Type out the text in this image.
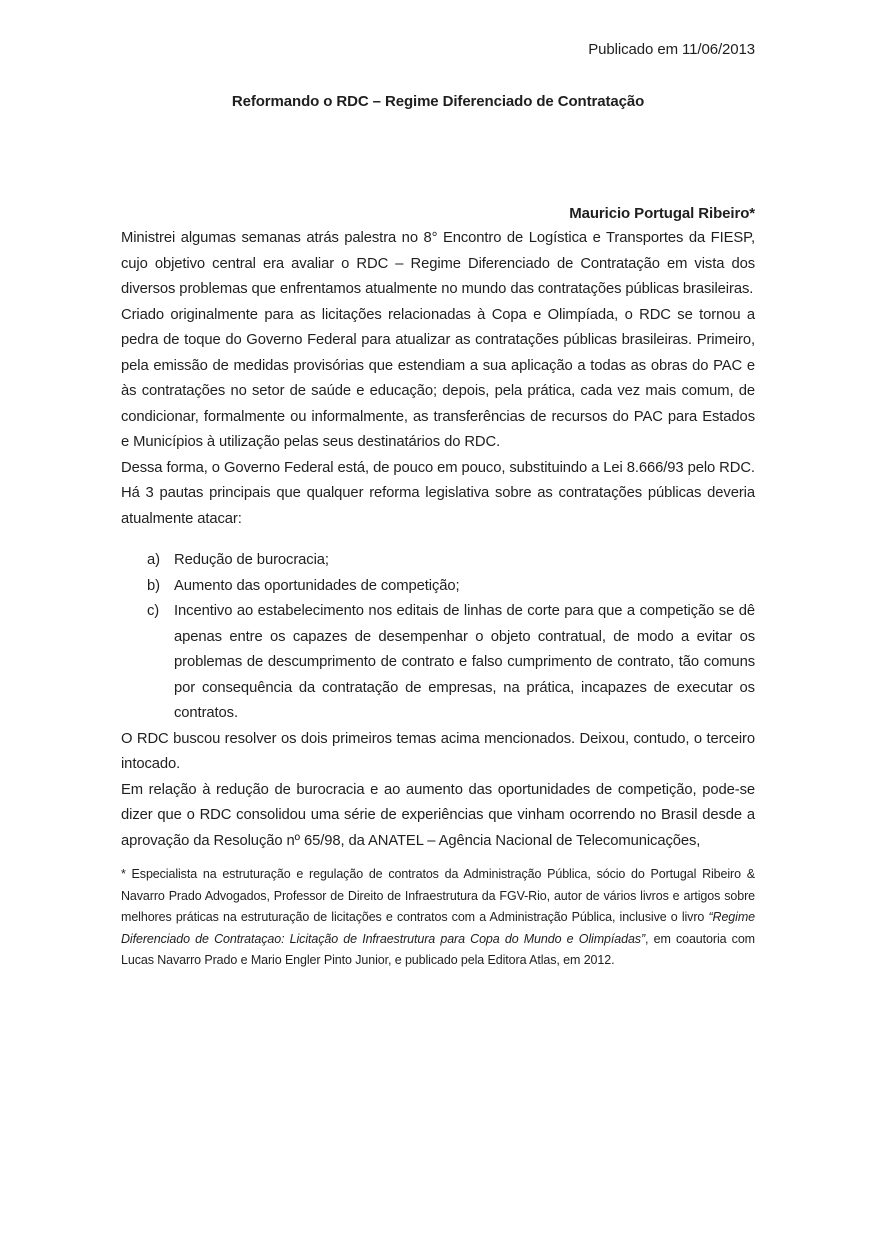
Publicado em 11/06/2013
Reformando o RDC – Regime Diferenciado de Contratação
Mauricio Portugal Ribeiro*

Ministrei algumas semanas atrás palestra no 8° Encontro de Logística e Transportes da FIESP, cujo objetivo central era avaliar o RDC – Regime Diferenciado de Contratação em vista dos diversos problemas que enfrentamos atualmente no mundo das contratações públicas brasileiras.

Criado originalmente para as licitações relacionadas à Copa e Olimpíada, o RDC se tornou a pedra de toque do Governo Federal para atualizar as contratações públicas brasileiras. Primeiro, pela emissão de medidas provisórias que estendiam a sua aplicação a todas as obras do PAC e às contratações no setor de saúde e educação; depois, pela prática, cada vez mais comum, de condicionar, formalmente ou informalmente, as transferências de recursos do PAC para Estados e Municípios à utilização pelas seus destinatários do RDC.

Dessa forma, o Governo Federal está, de pouco em pouco, substituindo a Lei 8.666/93 pelo RDC.

Há 3 pautas principais que qualquer reforma legislativa sobre as contratações públicas deveria atualmente atacar:

a) Redução de burocracia;
b) Aumento das oportunidades de competição;
c)	Incentivo ao estabelecimento nos editais de linhas de corte para que a competição se dê apenas entre os capazes de desempenhar o objeto contratual, de modo a evitar os problemas de descumprimento de contrato e falso cumprimento de contrato, tão comuns por consequência da contratação de empresas, na prática, incapazes de executar os contratos.

O RDC buscou resolver os dois primeiros temas acima mencionados. Deixou, contudo, o terceiro intocado.

Em relação à redução de burocracia e ao aumento das oportunidades de competição, pode-se dizer que o RDC consolidou uma série de experiências que vinham ocorrendo no Brasil desde a aprovação da Resolução nº 65/98, da ANATEL – Agência Nacional de Telecomunicações,

* Especialista na estruturação e regulação de contratos da Administração Pública, sócio do Portugal Ribeiro & Navarro Prado Advogados, Professor de Direito de Infraestrutura da FGV-Rio, autor de vários livros e artigos sobre melhores práticas na estruturação de licitações e contratos com a Administração Pública, inclusive o livro “Regime Diferenciado de Contrataçao: Licitação de Infraestrutura para Copa do Mundo e Olimpíadas”, em coautoria com Lucas Navarro Prado e Mario Engler Pinto Junior, e publicado pela Editora Atlas, em 2012.
